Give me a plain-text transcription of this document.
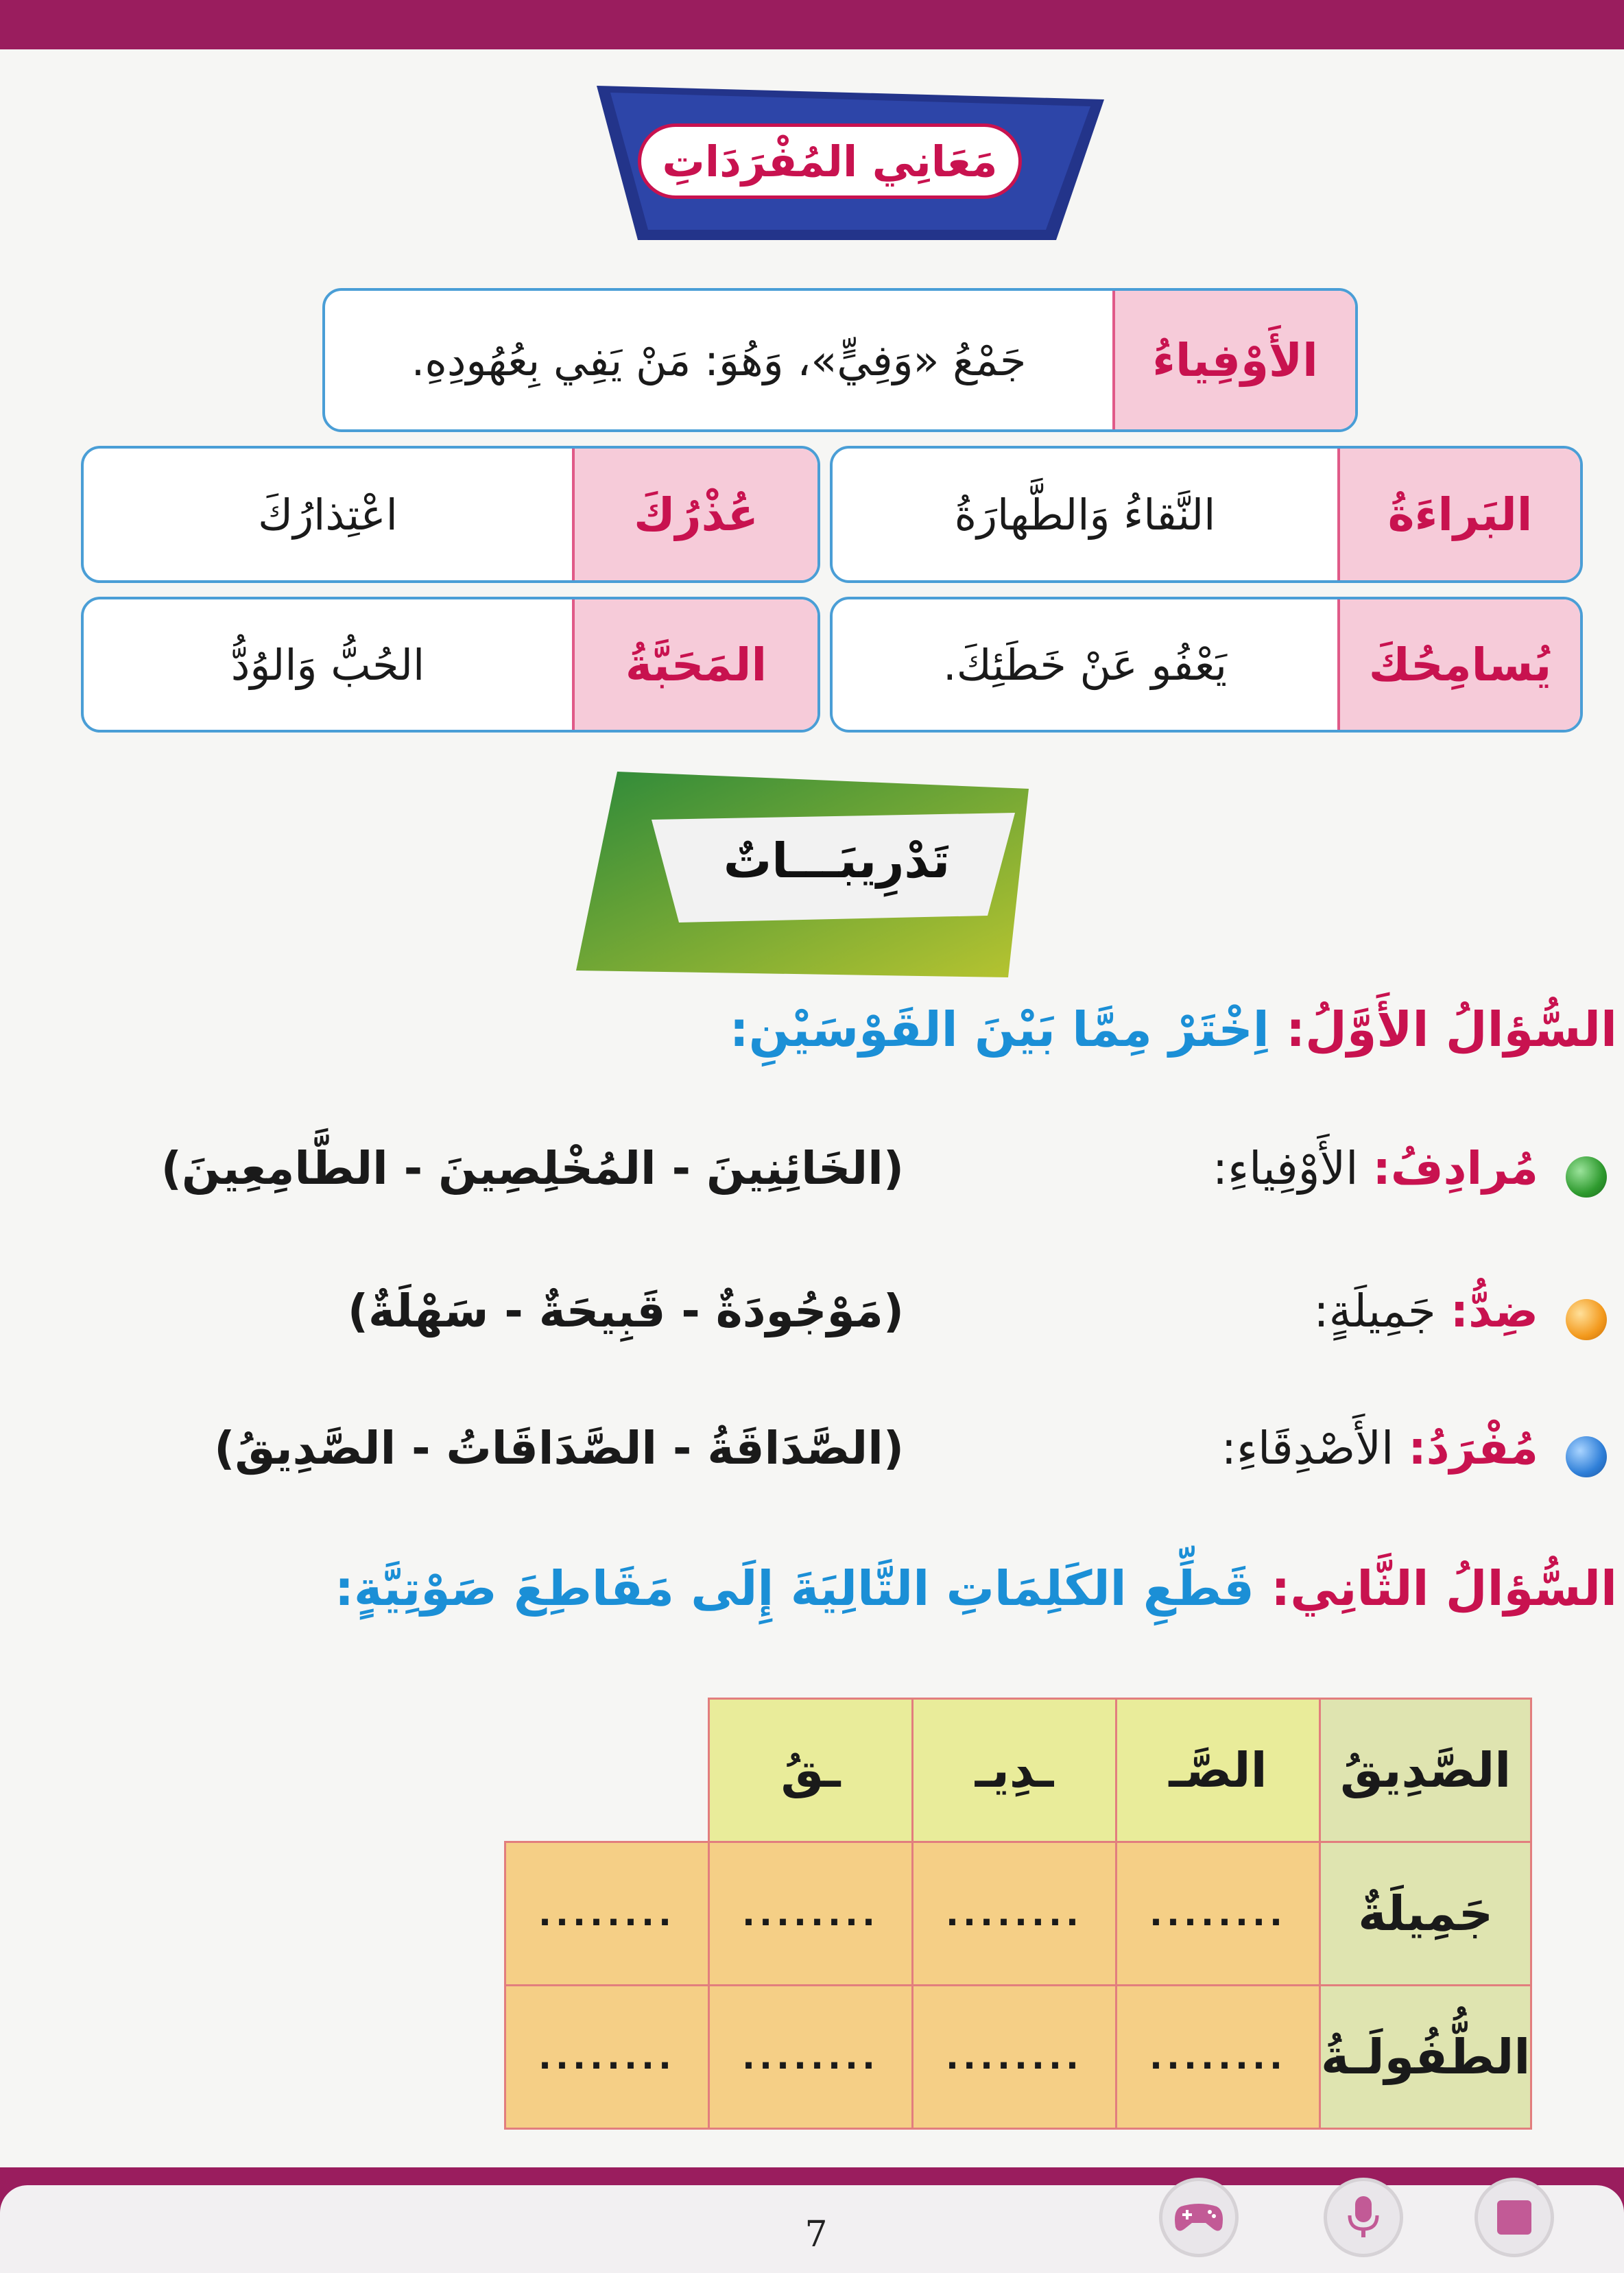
مَعَانِي المُفْرَدَاتِ
الأَوْفِياءُ
جَمْعُ «وَفِيٍّ»، وَهُوَ: مَنْ يَفِي بِعُهُودِهِ.
البَراءَةُ
النَّقاءُ وَالطَّهارَةُ
عُذْرُكَ
اعْتِذارُكَ
يُسامِحُكَ
يَعْفُو عَنْ خَطَئِكَ.
المَحَبَّةُ
الحُبُّ وَالوُدُّ
تَدْرِيبَـــاتٌ
السُّؤالُ الأَوَّلُ: اِخْتَرْ مِمَّا بَيْنَ القَوْسَيْنِ:
مُرادِفُ: الأَوْفِياءِ:
(الخَائِنِينَ - المُخْلِصِينَ - الطَّامِعِينَ)
ضِدُّ: جَمِيلَةٍ:
(مَوْجُودَةٌ - قَبِيحَةٌ - سَهْلَةٌ)
مُفْرَدُ: الأَصْدِقَاءِ:
(الصَّدَاقَةُ - الصَّدَاقَاتُ - الصَّدِيقُ)
السُّؤالُ الثَّانِي: قَطِّعِ الكَلِمَاتِ التَّالِيَةَ إِلَى مَقَاطِعَ صَوْتِيَّةٍ:
الصَّدِيقُ	الصَّـ	ـدِيـ	ـقُ	
جَمِيلَةٌ	........	........	........	........
الطُّفُولَـةُ	........	........	........	........
7
